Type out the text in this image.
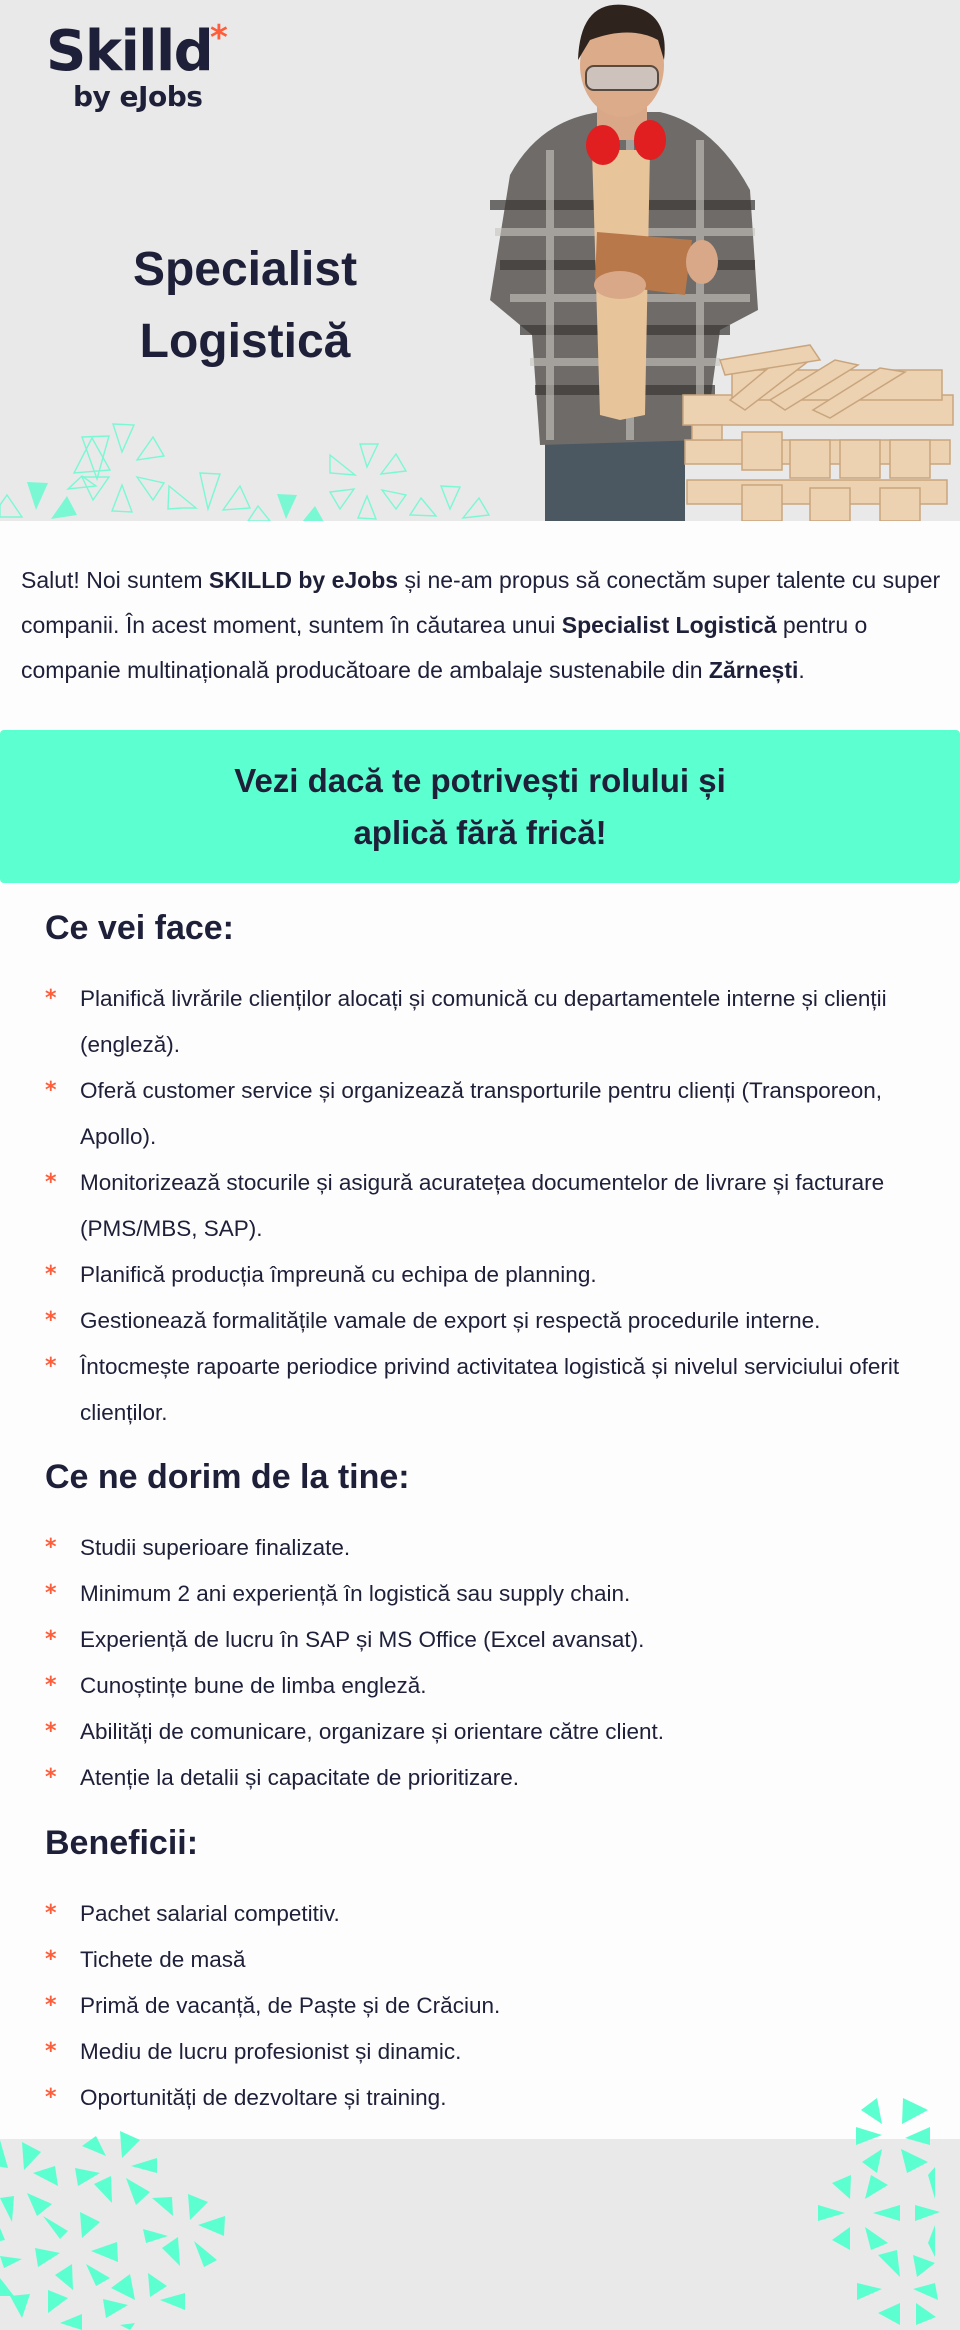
Skilld
*
by eJobs
Specialist
Logistică

Salut! Noi suntem SKILLD by eJobs și ne-am propus să conectăm super talente cu super companii. În acest moment, suntem în căutarea unui Specialist Logistică pentru o companie multinațională producătoare de ambalaje sustenabile din Zărnești.

Vezi dacă te potrivești rolului și aplică fără frică!
Ce vei face:
* Planifică livrările clienților alocați și comunică cu departamentele interne și clienții (engleză).
* Oferă customer service și organizează transporturile pentru clienți (Transporeon, Apollo).
* Monitorizează stocurile și asigură acuratețea documentelor de livrare și facturare (PMS/MBS, SAP).
* Planifică producția împreună cu echipa de planning.
* Gestionează formalitățile vamale de export și respectă procedurile interne.
* Întocmește rapoarte periodice privind activitatea logistică și nivelul serviciului oferit clienților.
Ce ne dorim de la tine:
* Studii superioare finalizate.
* Minimum 2 ani experiență în logistică sau supply chain.
* Experiență de lucru în SAP și MS Office (Excel avansat).
* Cunoștințe bune de limba engleză.
* Abilități de comunicare, organizare și orientare către client.
* Atenție la detalii și capacitate de prioritizare.
Beneficii:
* Pachet salarial competitiv.
* Tichete de masă
* Primă de vacanță, de Paște și de Crăciun.
* Mediu de lucru profesionist și dinamic.
* Oportunități de dezvoltare și training.
